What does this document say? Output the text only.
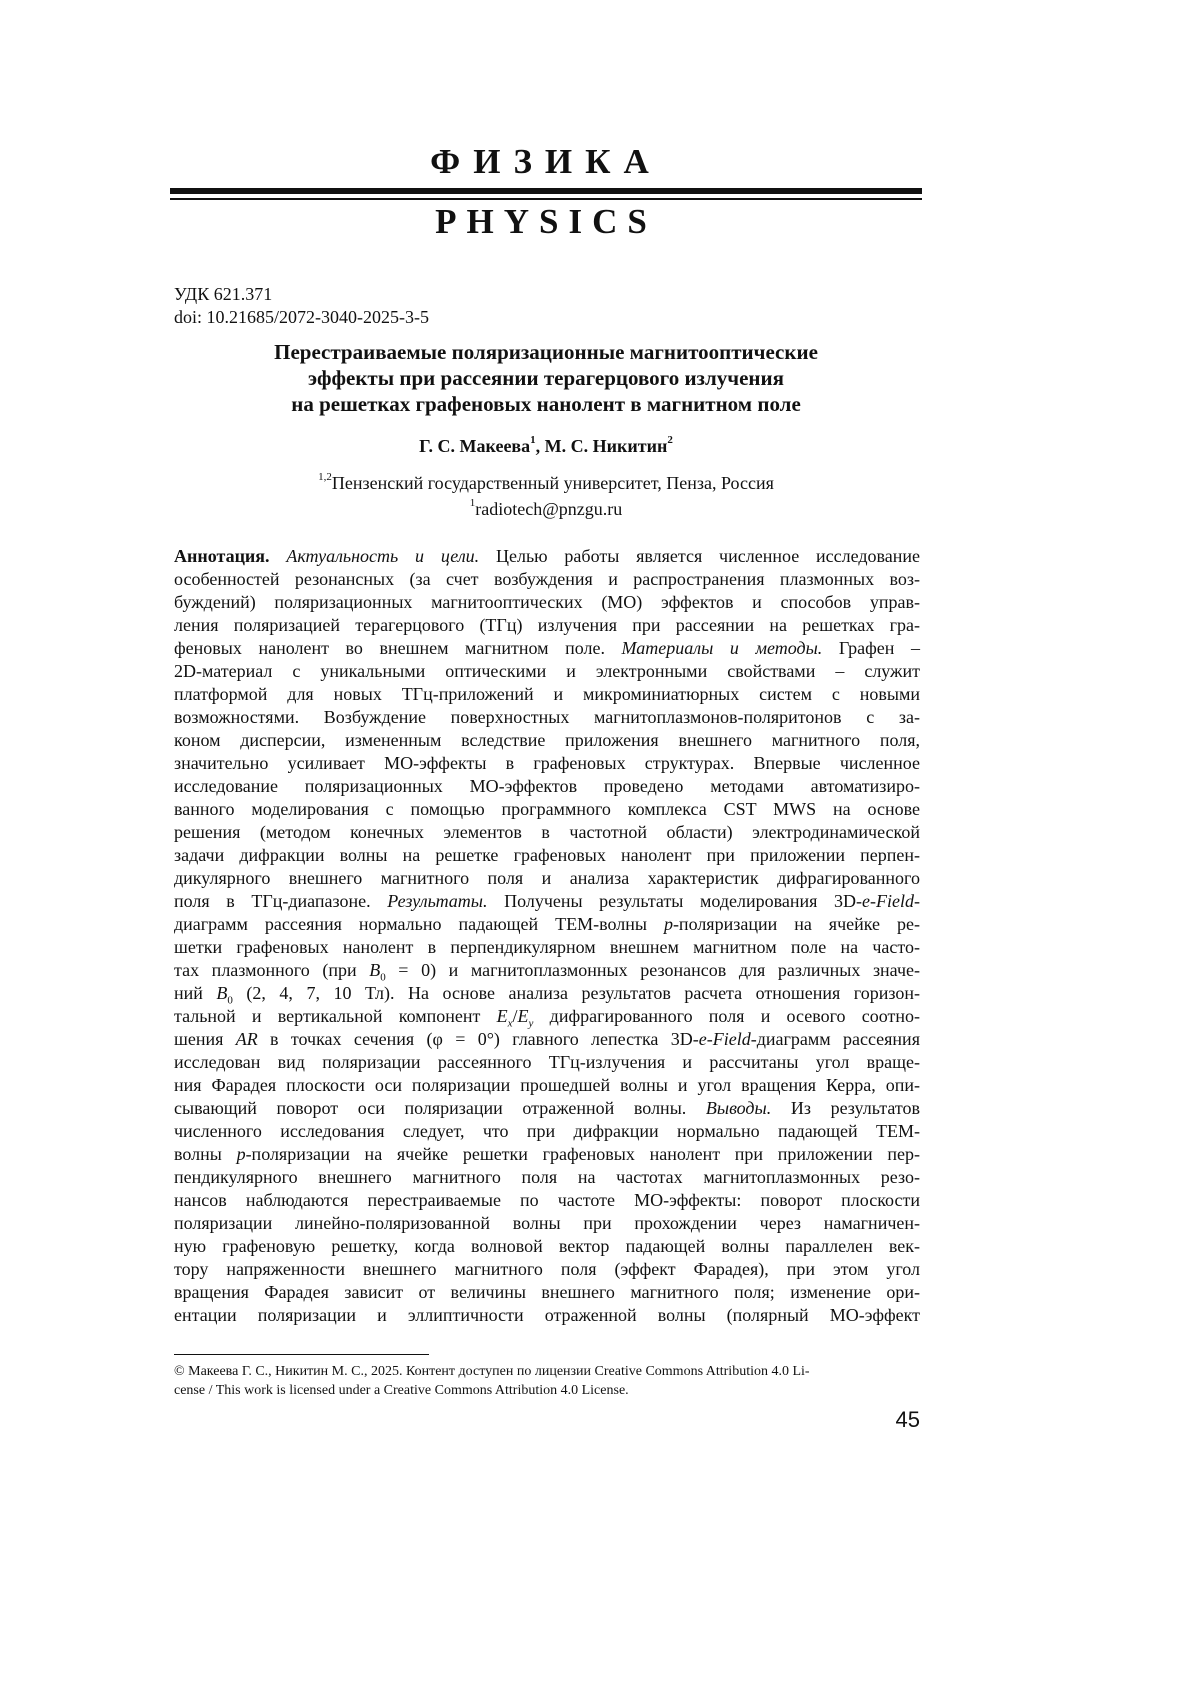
ФИЗИКА
PHYSICS
УДК 621.371
doi: 10.21685/2072-3040-2025-3-5
Перестраиваемые поляризационные магнитооптические
эффекты при рассеянии терагерцового излучения
на решетках графеновых нанолент в магнитном поле
Г. С. Макеева$^1$, М. С. Никитин$^2$
$^{1,2}$Пензенский государственный университет, Пенза, Россия
$^1$radiotech@pnzgu.ru
Аннотация. Актуальность и цели. Целью работы является численное исследование
особенностей резонансных (за счет возбуждения и распространения плазмонных воз-
буждений) поляризационных магнитооптических (МО) эффектов и способов управ-
ления поляризацией терагерцового (ТГц) излучения при рассеянии на решетках гра-
феновых нанолент во внешнем магнитном поле. Материалы и методы. Графен –
2D-материал с уникальными оптическими и электронными свойствами – служит
платформой для новых ТГц-приложений и микроминиатюрных систем с новыми
возможностями. Возбуждение поверхностных магнитоплазмонов-поляритонов с за-
коном дисперсии, измененным вследствие приложения внешнего магнитного поля,
значительно усиливает МО-эффекты в графеновых структурах. Впервые численное
исследование поляризационных МО-эффектов проведено методами автоматизиро-
ванного моделирования с помощью программного комплекса CST MWS на основе
решения (методом конечных элементов в частотной области) электродинамической
задачи дифракции волны на решетке графеновых нанолент при приложении перпен-
дикулярного внешнего магнитного поля и анализа характеристик дифрагированного
поля в ТГц-диапазоне. Результаты. Получены результаты моделирования 3D-e-Field-
диаграмм рассеяния нормально падающей ТЕМ-волны p-поляризации на ячейке ре-
шетки графеновых нанолент в перпендикулярном внешнем магнитном поле на часто-
тах плазмонного (при $B_0 = 0$) и магнитоплазмонных резонансов для различных значе-
ний $B_0$ (2, 4, 7, 10 Тл). На основе анализа результатов расчета отношения горизон-
тальной и вертикальной компонент $E_x/E_y$ дифрагированного поля и осевого соотно-
шения AR в точках сечения (φ = 0°) главного лепестка 3D-e-Field-диаграмм рассеяния
исследован вид поляризации рассеянного ТГц-излучения и рассчитаны угол враще-
ния Фарадея плоскости оси поляризации прошедшей волны и угол вращения Керра, опи-
сывающий поворот оси поляризации отраженной волны. Выводы. Из результатов
численного исследования следует, что при дифракции нормально падающей ТЕМ-
волны p-поляризации на ячейке решетки графеновых нанолент при приложении пер-
пендикулярного внешнего магнитного поля на частотах магнитоплазмонных резо-
нансов наблюдаются перестраиваемые по частоте МО-эффекты: поворот плоскости
поляризации линейно-поляризованной волны при прохождении через намагничен-
ную графеновую решетку, когда волновой вектор падающей волны параллелен век-
тору напряженности внешнего магнитного поля (эффект Фарадея), при этом угол
вращения Фарадея зависит от величины внешнего магнитного поля; изменение ори-
ентации поляризации и эллиптичности отраженной волны (полярный МО-эффект
© Макеева Г. С., Никитин М. С., 2025. Контент доступен по лицензии Creative Commons Attribution 4.0 Li-
cense / This work is licensed under a Creative Commons Attribution 4.0 License.
45
